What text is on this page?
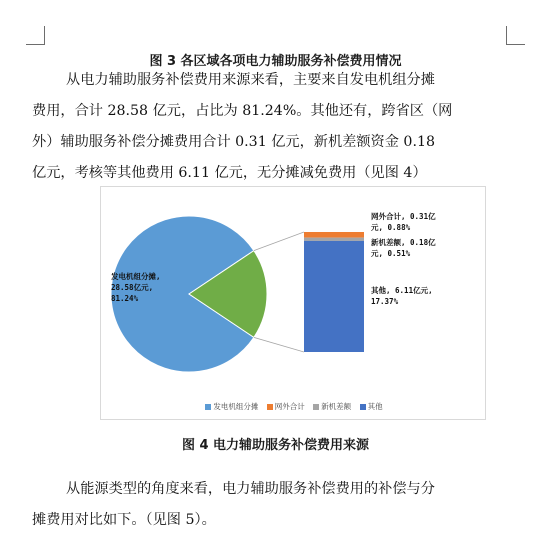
图 3 各区域各项电力辅助服务补偿费用情况
从电力辅助服务补偿费用来源来看，主要来自发电机组分摊
费用，合计 28.58 亿元，占比为 81.24%。其他还有，跨省区（网
外）辅助服务补偿分摊费用合计 0.31 亿元，新机差额资金 0.18
亿元，考核等其他费用 6.11 亿元，无分摊减免费用（见图 4）
发电机组分摊,
28.58亿元,
81.24%
网外合计, 0.31亿
元, 0.88%
新机差额, 0.18亿
元, 0.51%
其他, 6.11亿元,
17.37%
发电机组分摊 网外合计 新机差额 其他
图 4 电力辅助服务补偿费用来源
从能源类型的角度来看，电力辅助服务补偿费用的补偿与分
摊费用对比如下。（见图 5）。
